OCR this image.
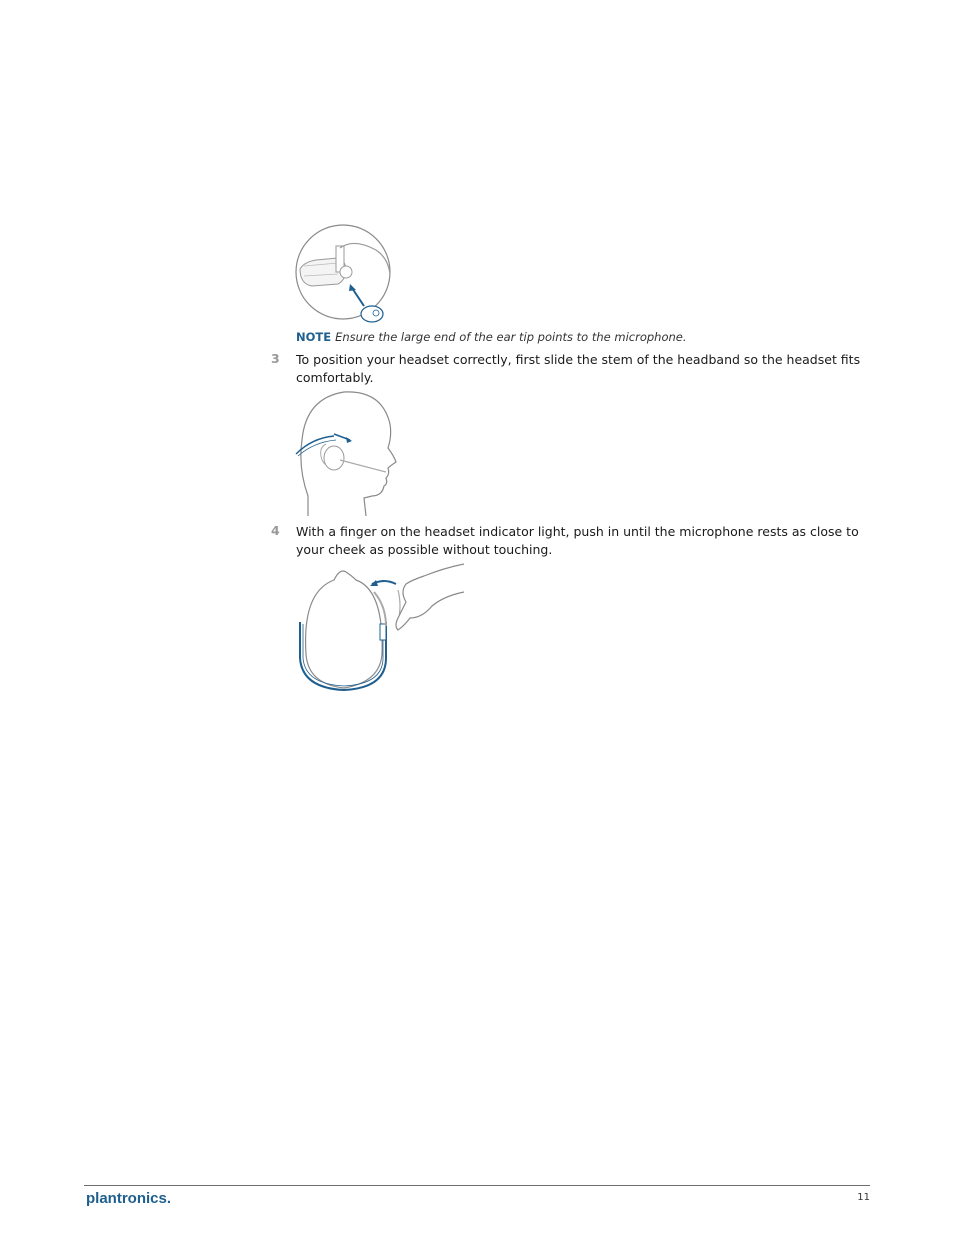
NOTE Ensure the large end of the ear tip points to the microphone.
3 To position your headset correctly, first slide the stem of the headband so the headset fits comfortably.
4 With a finger on the headset indicator light, push in until the microphone rests as close to your cheek as possible without touching.
plantronics.	11
